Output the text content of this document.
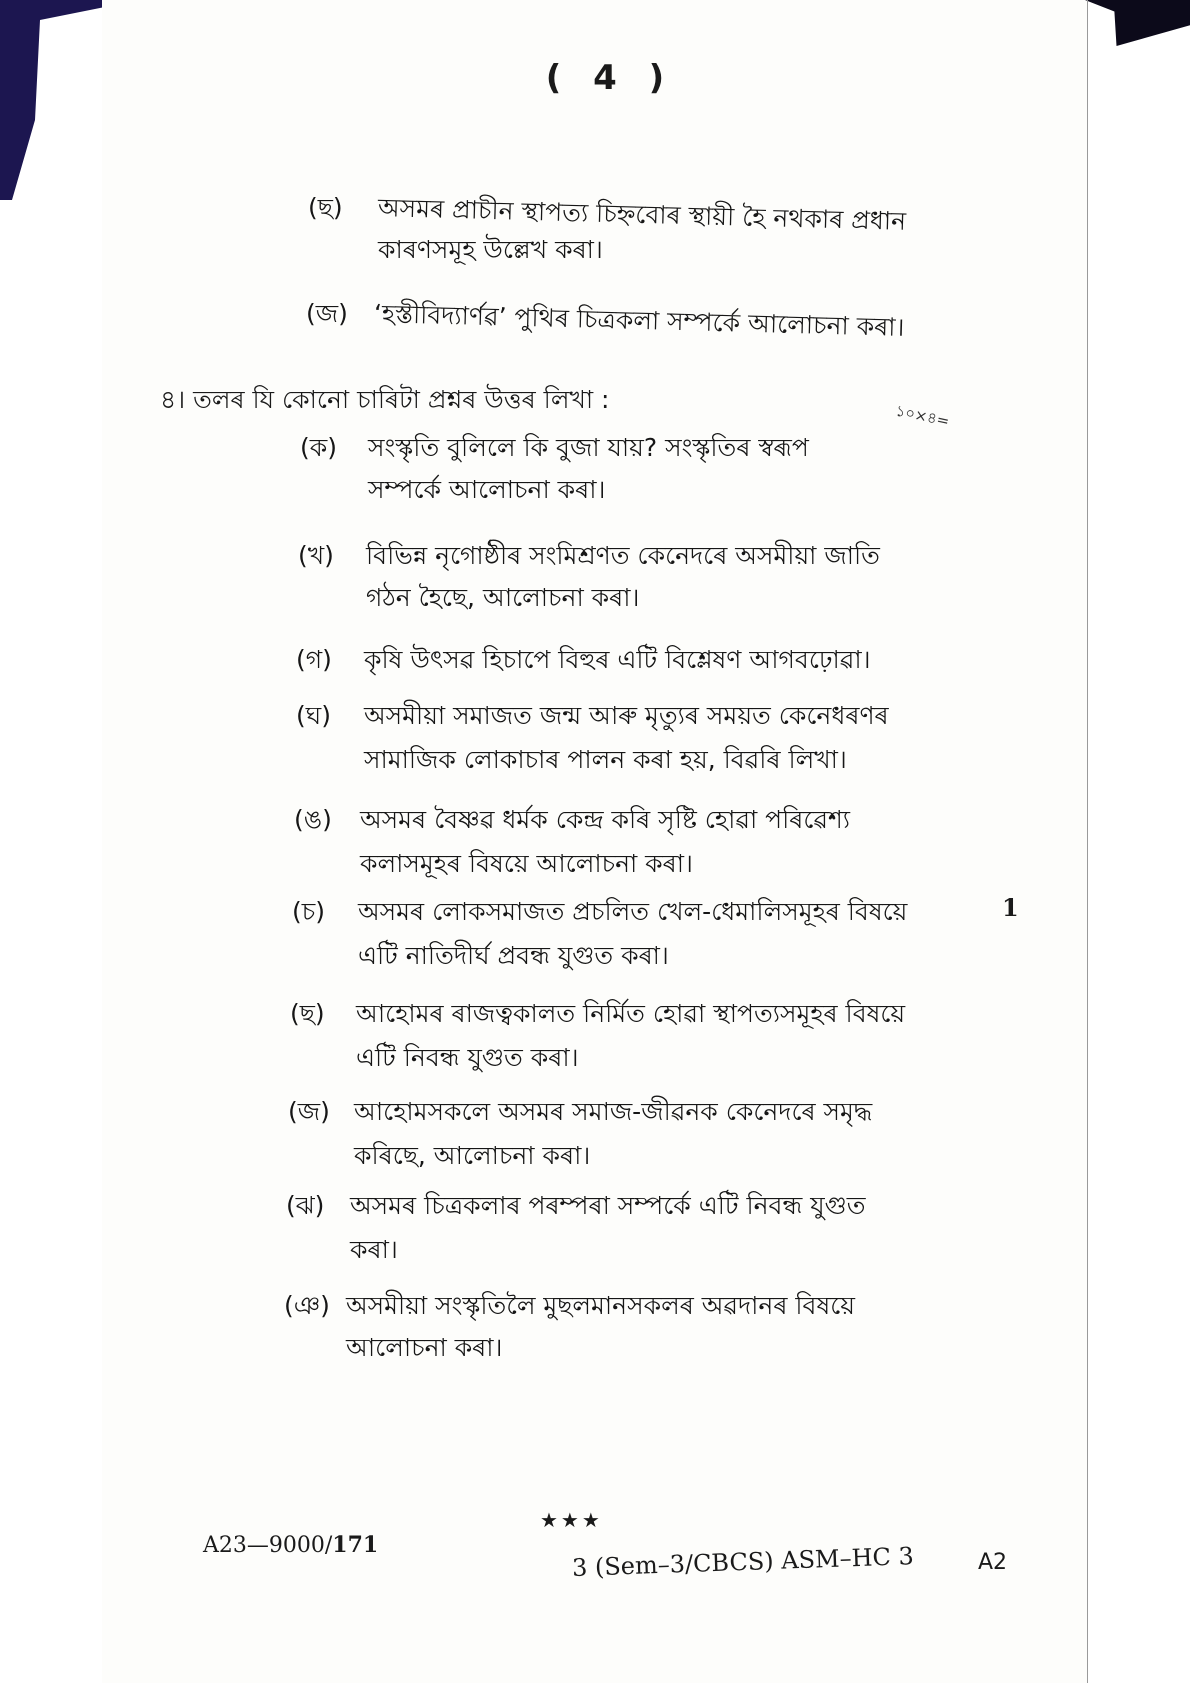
( 4 )
(ছ) অসমৰ প্ৰাচীন স্থাপত্য চিহ্নবোৰ স্থায়ী হৈ নথকাৰ প্ৰধান
কাৰণসমূহ উল্লেখ কৰা।
(জ) ‘হস্তীবিদ্যাৰ্ণৱ’ পুথিৰ চিত্ৰকলা সম্পৰ্কে আলোচনা কৰা।
৪। তলৰ যি কোনো চাৰিটা প্ৰশ্নৰ উত্তৰ লিখা :
১০×৪=
(ক) সংস্কৃতি বুলিলে কি বুজা যায়? সংস্কৃতিৰ স্বৰূপ
সম্পৰ্কে আলোচনা কৰা।
(খ) বিভিন্ন নৃগোষ্ঠীৰ সংমিশ্ৰণত কেনেদৰে অসমীয়া জাতি
গঠন হৈছে, আলোচনা কৰা।
(গ) কৃষি উৎসৱ হিচাপে বিহুৰ এটি বিশ্লেষণ আগবঢ়োৱা।
(ঘ) অসমীয়া সমাজত জন্ম আৰু মৃত্যুৰ সময়ত কেনেধৰণৰ
সামাজিক লোকাচাৰ পালন কৰা হয়, বিৱৰি লিখা।
(ঙ) অসমৰ বৈষ্ণৱ ধৰ্মক কেন্দ্ৰ কৰি সৃষ্টি হোৱা পৰিৱেশ্য
কলাসমূহৰ বিষয়ে আলোচনা কৰা।
(চ) অসমৰ লোকসমাজত প্ৰচলিত খেল-ধেমালিসমূহৰ বিষয়ে
এটি নাতিদীৰ্ঘ প্ৰবন্ধ যুগুত কৰা।
1
(ছ) আহোমৰ ৰাজত্বকালত নিৰ্মিত হোৱা স্থাপত্যসমূহৰ বিষয়ে
এটি নিবন্ধ যুগুত কৰা।
(জ) আহোমসকলে অসমৰ সমাজ-জীৱনক কেনেদৰে সমৃদ্ধ
কৰিছে, আলোচনা কৰা।
(ঝ) অসমৰ চিত্ৰকলাৰ পৰম্পৰা সম্পৰ্কে এটি নিবন্ধ যুগুত
কৰা।
(ঞ) অসমীয়া সংস্কৃতিলৈ মুছলমানসকলৰ অৱদানৰ বিষয়ে
আলোচনা কৰা।
★★★
A23—9000/171	3 (Sem–3/CBCS) ASM–HC 3	A2
